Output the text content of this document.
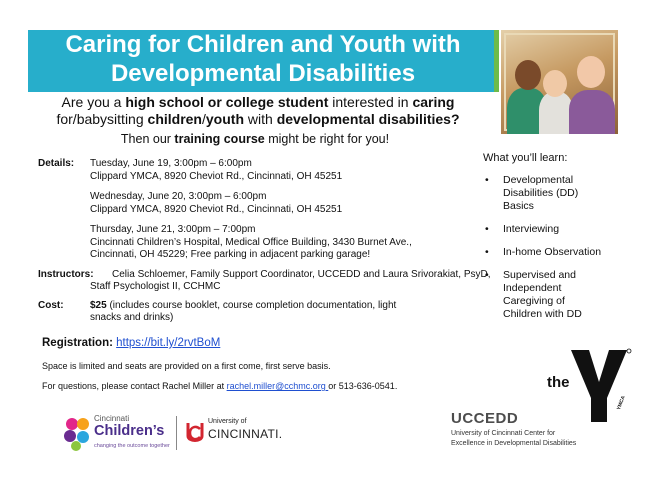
Caring for Children and Youth with
Developmental Disabilities
Are you a high school or college student interested in caring
for/babysitting children/youth with developmental disabilities?
Then our training course might be right for you!
Details: Tuesday, June 19, 3:00pm – 6:00pm
Clippard YMCA, 8920 Cheviot Rd., Cincinnati, OH 45251
Wednesday, June 20, 3:00pm – 6:00pm
Clippard YMCA, 8920 Cheviot Rd., Cincinnati, OH 45251
Thursday, June 21, 3:00pm – 7:00pm
Cincinnati Children’s Hospital, Medical Office Building, 3430 Burnet Ave.,
Cincinnati, OH 45229; Free parking in adjacent parking garage!
Instructors: Celia Schloemer, Family Support Coordinator, UCCEDD and Laura Srivorakiat, PsyD,
Staff Psychologist II, CCHMC
Cost:	$25 (includes course booklet, course completion documentation, light
snacks and drinks)
Registration: https://bit.ly/2rvtBoM
Space is limited and seats are provided on a first come, first serve basis.
For questions, please contact Rachel Miller at rachel.miller@cchmc.org or 513-636-0541.
What you’ll learn:
• Developmental
Disabilities (DD)
Basics
• Interviewing
• In-home Observation
• Supervised and
Independent
Caregiving of
Children with DD
Cincinnati
Children’s
changing the outcome together
University of
CINCINNATI.
the
YMCA
UCCEDD
University of Cincinnati Center for
Excellence in Developmental Disabilities
